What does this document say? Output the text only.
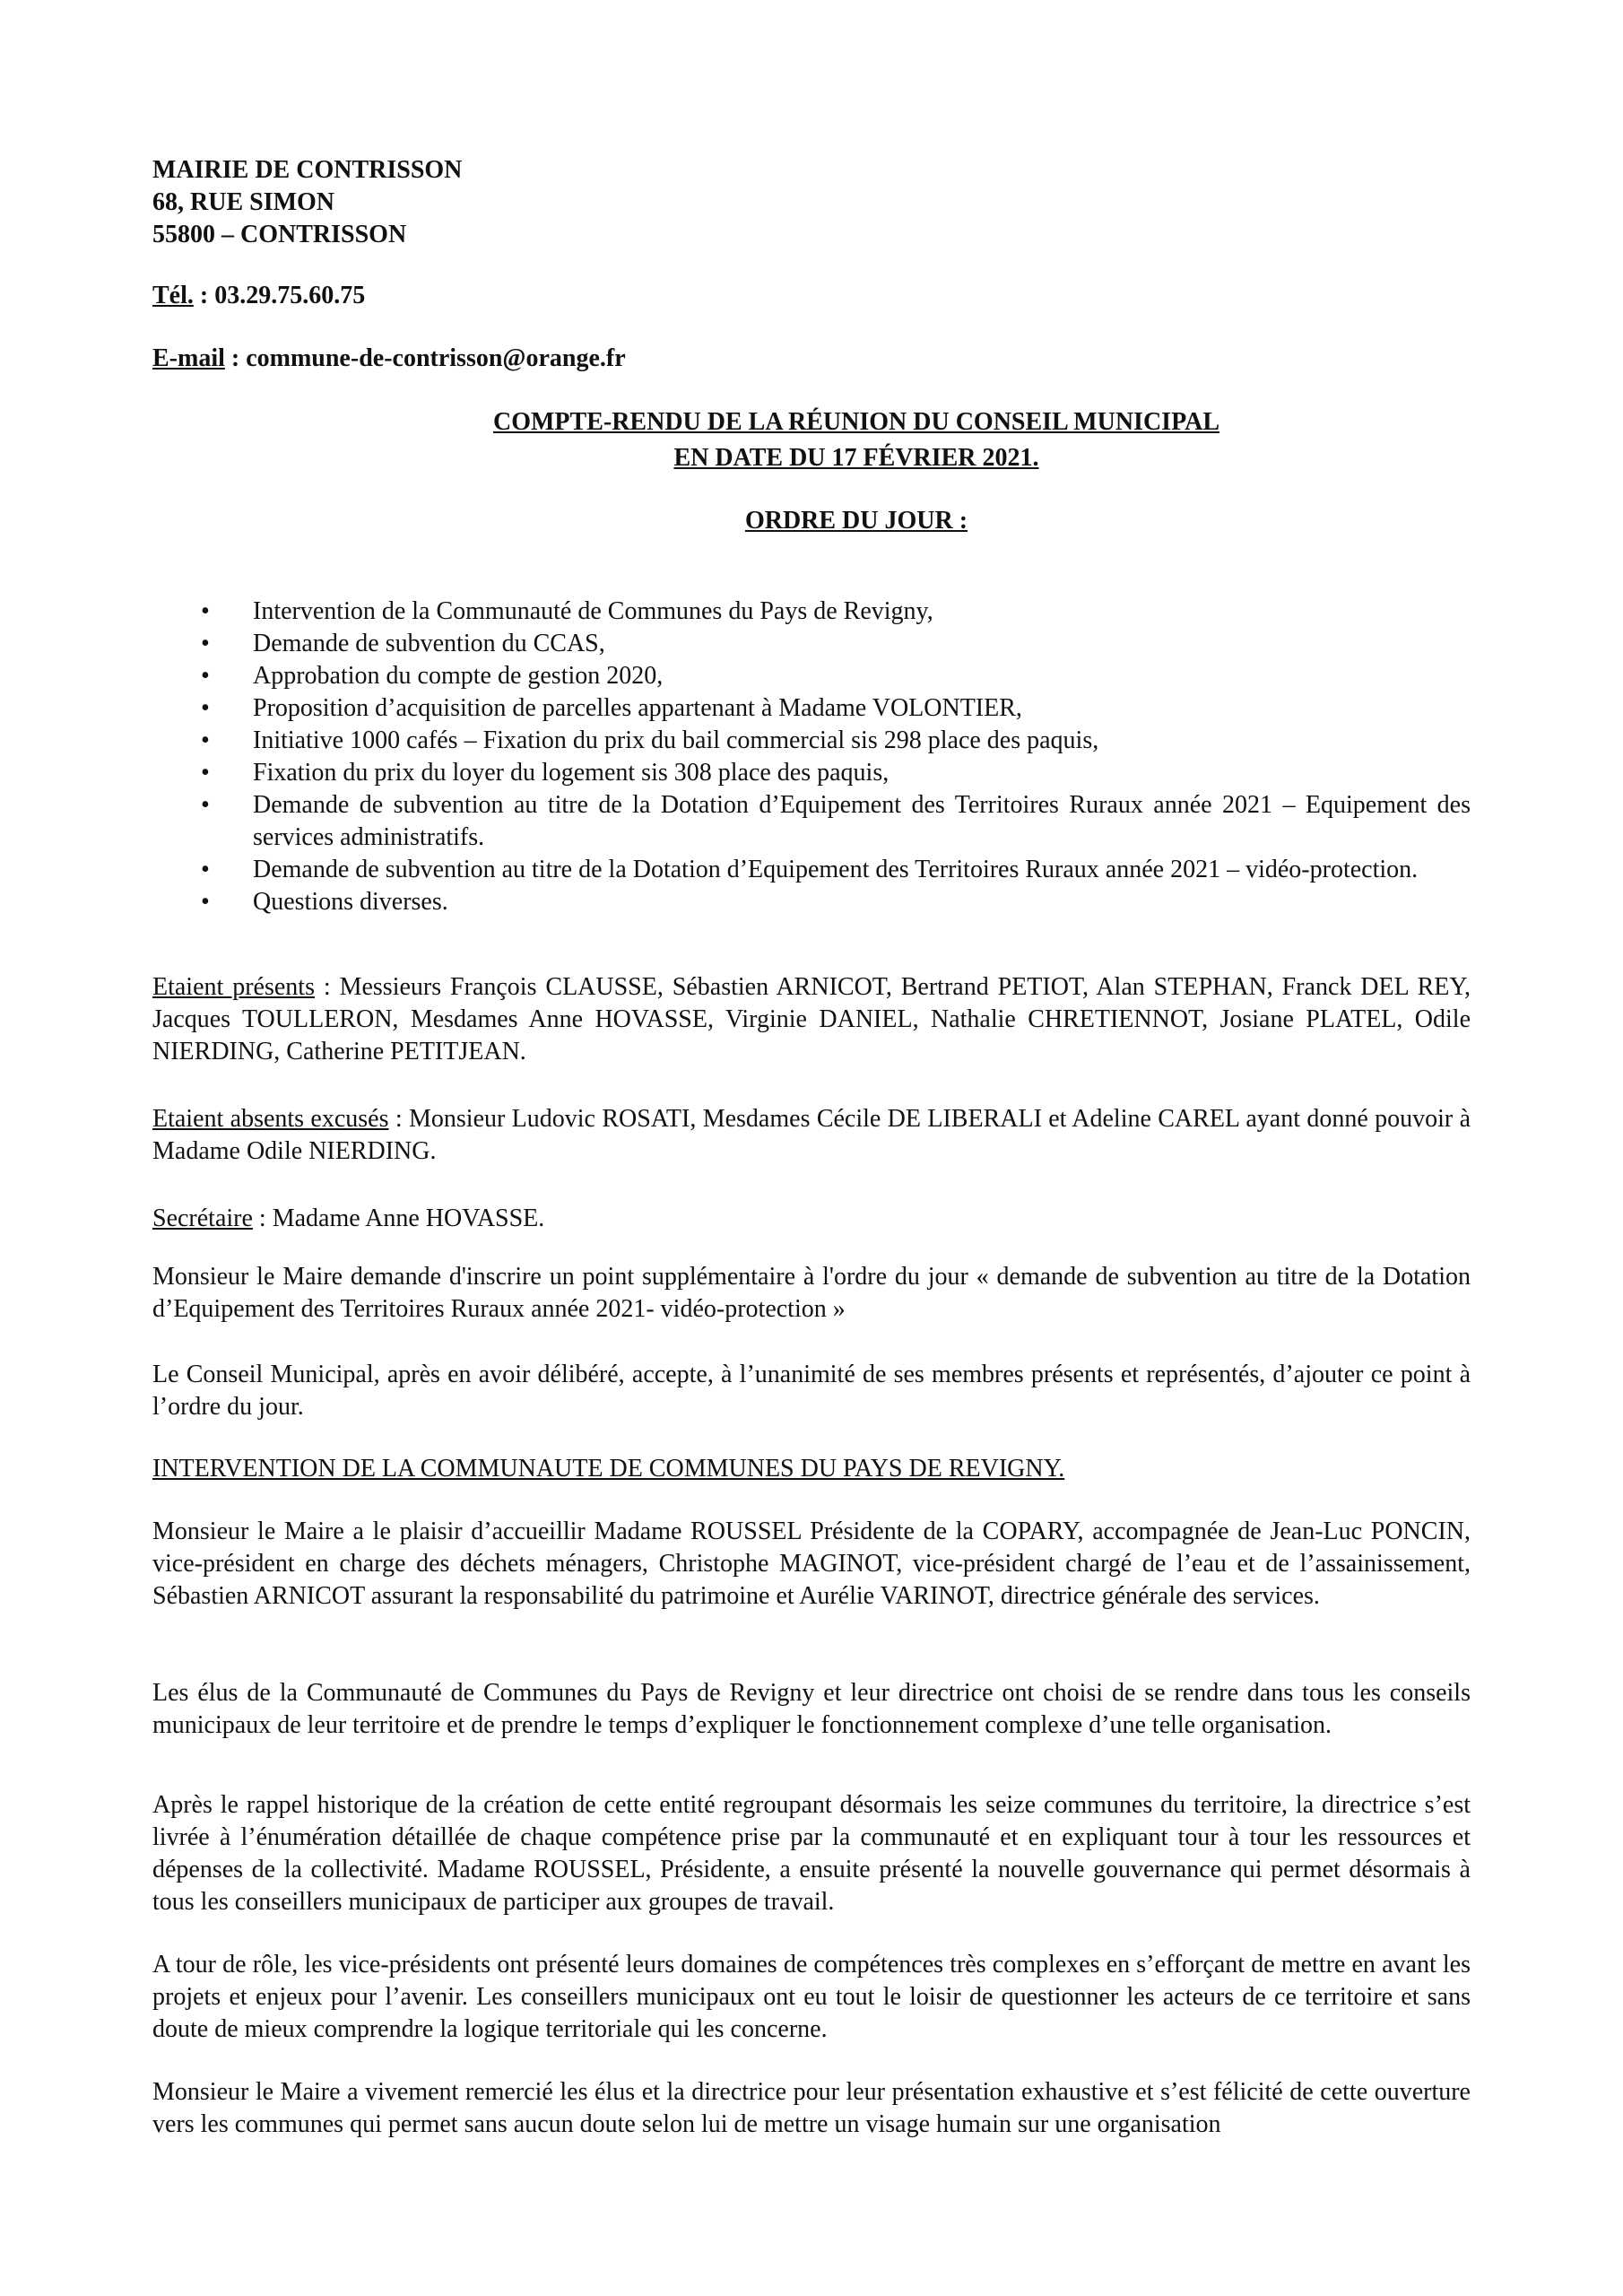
MAIRIE DE CONTRISSON
68, RUE SIMON
55800 – CONTRISSON
Tél. : 03.29.75.60.75
E-mail : commune-de-contrisson@orange.fr
COMPTE-RENDU DE LA RÉUNION DU CONSEIL MUNICIPAL
EN DATE DU 17 FÉVRIER 2021.
ORDRE DU JOUR :
• Intervention de la Communauté de Communes du Pays de Revigny,
• Demande de subvention du CCAS,
• Approbation du compte de gestion 2020,
• Proposition d’acquisition de parcelles appartenant à Madame VOLONTIER,
• Initiative 1000 cafés – Fixation du prix du bail commercial sis 298 place des paquis,
• Fixation du prix du loyer du logement sis 308 place des paquis,
• Demande de subvention au titre de la Dotation d’Equipement des Territoires Ruraux année 2021 – Equipement des services administratifs.
• Demande de subvention au titre de la Dotation d’Equipement des Territoires Ruraux année 2021 – vidéo-protection.
• Questions diverses.

Etaient présents : Messieurs François CLAUSSE, Sébastien ARNICOT, Bertrand PETIOT, Alan STEPHAN, Franck DEL REY, Jacques TOULLERON, Mesdames Anne HOVASSE, Virginie DANIEL, Nathalie CHRETIENNOT, Josiane PLATEL, Odile NIERDING, Catherine PETITJEAN.

Etaient absents excusés : Monsieur Ludovic ROSATI, Mesdames Cécile DE LIBERALI et Adeline CAREL ayant donné pouvoir à Madame Odile NIERDING.

Secrétaire : Madame Anne HOVASSE.

Monsieur le Maire demande d'inscrire un point supplémentaire à l'ordre du jour « demande de subvention au titre de la Dotation d’Equipement des Territoires Ruraux année 2021- vidéo-protection »

Le Conseil Municipal, après en avoir délibéré, accepte, à l’unanimité de ses membres présents et représentés, d’ajouter ce point à l’ordre du jour.

INTERVENTION DE LA COMMUNAUTE DE COMMUNES DU PAYS DE REVIGNY.

Monsieur le Maire a le plaisir d’accueillir Madame ROUSSEL Présidente de la COPARY, accompagnée de Jean-Luc PONCIN, vice-président en charge des déchets ménagers, Christophe MAGINOT, vice-président chargé de l’eau et de l’assainissement, Sébastien ARNICOT assurant la responsabilité du patrimoine et Aurélie VARINOT, directrice générale des services.

Les élus de la Communauté de Communes du Pays de Revigny et leur directrice ont choisi de se rendre dans tous les conseils municipaux de leur territoire et de prendre le temps d’expliquer le fonctionnement complexe d’une telle organisation.

Après le rappel historique de la création de cette entité regroupant désormais les seize communes du territoire, la directrice s’est livrée à l’énumération détaillée de chaque compétence prise par la communauté et en expliquant tour à tour les ressources et dépenses de la collectivité. Madame ROUSSEL, Présidente, a ensuite présenté la nouvelle gouvernance qui permet désormais à tous les conseillers municipaux de participer aux groupes de travail.

A tour de rôle, les vice-présidents ont présenté leurs domaines de compétences très complexes en s’efforçant de mettre en avant les projets et enjeux pour l’avenir. Les conseillers municipaux ont eu tout le loisir de questionner les acteurs de ce territoire et sans doute de mieux comprendre la logique territoriale qui les concerne.

Monsieur le Maire a vivement remercié les élus et la directrice pour leur présentation exhaustive et s’est félicité de cette ouverture vers les communes qui permet sans aucun doute selon lui de mettre un visage humain sur une organisation
